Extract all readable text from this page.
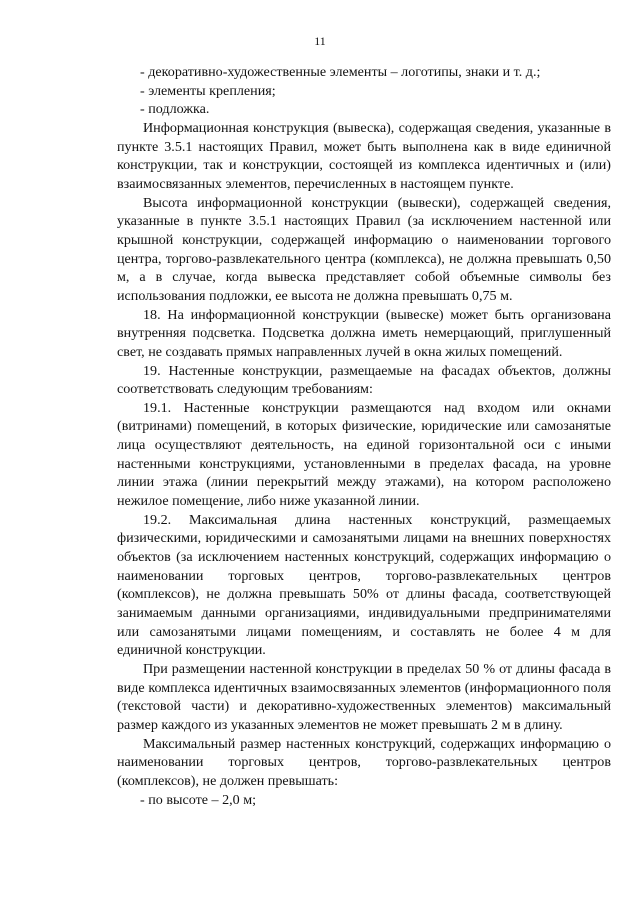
11

- декоративно-художественные элементы – логотипы, знаки и т. д.;

- элементы крепления;

- подложка.

Информационная конструкция (вывеска), содержащая сведения, указанные в пункте 3.5.1 настоящих Правил, может быть выполнена как в виде единичной конструкции, так и конструкции, состоящей из комплекса идентичных и (или) взаимосвязанных элементов, перечисленных в настоящем пункте.

Высота информационной конструкции (вывески), содержащей сведения, указанные в пункте 3.5.1 настоящих Правил (за исключением настенной или крышной конструкции, содержащей информацию о наименовании торгового центра, торгово-развлекательного центра (комплекса), не должна превышать 0,50 м, а в случае, когда вывеска представляет собой объемные символы без использования подложки, ее высота не должна превышать 0,75 м.

18. На информационной конструкции (вывеске) может быть организована внутренняя подсветка. Подсветка должна иметь немерцающий, приглушенный свет, не создавать прямых направленных лучей в окна жилых помещений.

19. Настенные конструкции, размещаемые на фасадах объектов, должны соответствовать следующим требованиям:

19.1. Настенные конструкции размещаются над входом или окнами (витринами) помещений, в которых физические, юридические или самозанятые лица осуществляют деятельность, на единой горизонтальной оси с иными настенными конструкциями, установленными в пределах фасада, на уровне линии этажа (линии перекрытий между этажами), на котором расположено нежилое помещение, либо ниже указанной линии.

19.2. Максимальная длина настенных конструкций, размещаемых физическими, юридическими и самозанятыми лицами на внешних поверхностях объектов (за исключением настенных конструкций, содержащих информацию о наименовании торговых центров, торгово-развлекательных центров (комплексов), не должна превышать 50% от длины фасада, соответствующей занимаемым данными организациями, индивидуальными предпринимателями или самозанятыми лицами помещениям, и составлять не более 4 м для единичной конструкции.

При размещении настенной конструкции в пределах 50 % от длины фасада в виде комплекса идентичных взаимосвязанных элементов (информационного поля (текстовой части) и декоративно-художественных элементов) максимальный размер каждого из указанных элементов не может превышать 2 м в длину.

Максимальный размер настенных конструкций, содержащих информацию о наименовании торговых центров, торгово-развлекательных центров (комплексов), не должен превышать:

- по высоте – 2,0 м;
